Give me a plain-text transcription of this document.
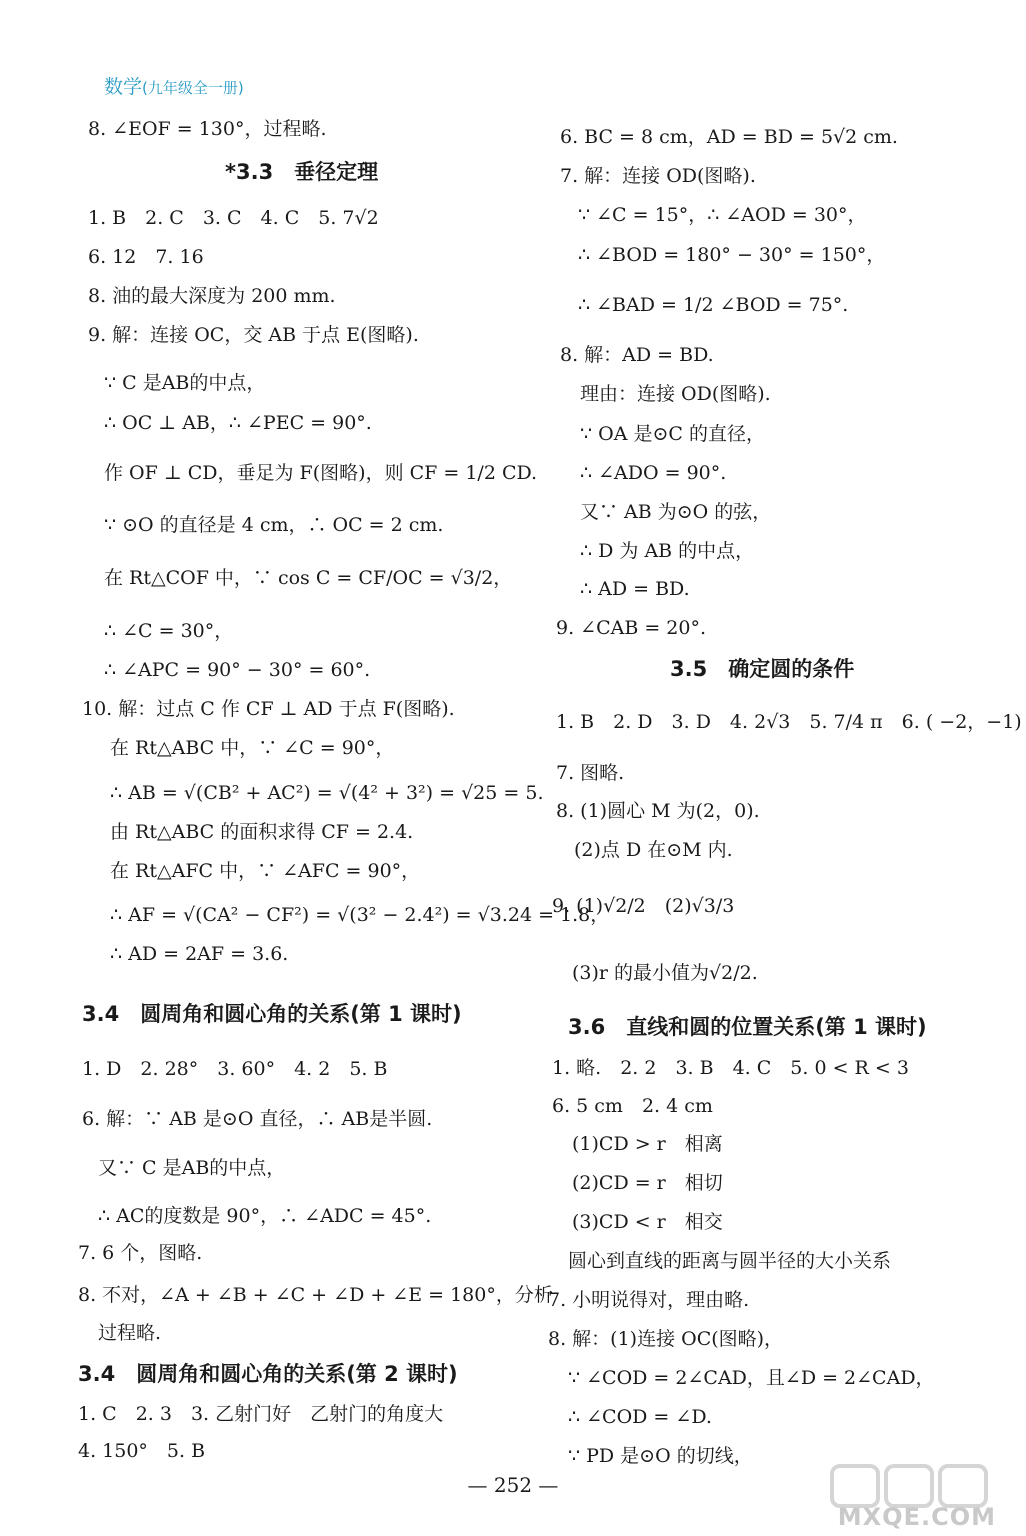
数学(九年级全一册)
8. ∠EOF = 130°，过程略.
*3.3　垂径定理
1. B　2. C　3. C　4. C　5. 7√2
6. 12　7. 16
8. 油的最大深度为 200 mm.
9. 解：连接 OC，交 AB 于点 E(图略).
∵ C 是AB的中点，
∴ OC ⊥ AB，∴ ∠PEC = 90°.
作 OF ⊥ CD，垂足为 F(图略)，则 CF = 1/2 CD.
∵ ⊙O 的直径是 4 cm，∴ OC = 2 cm.
在 Rt△COF 中，∵ cos C = CF/OC = √3/2，
∴ ∠C = 30°，
∴ ∠APC = 90° − 30° = 60°.
10. 解：过点 C 作 CF ⊥ AD 于点 F(图略).
在 Rt△ABC 中，∵ ∠C = 90°，
∴ AB = √(CB² + AC²) = √(4² + 3²) = √25 = 5.
由 Rt△ABC 的面积求得 CF = 2.4.
在 Rt△AFC 中，∵ ∠AFC = 90°，
∴ AF = √(CA² − CF²) = √(3² − 2.4²) = √3.24 = 1.8，
∴ AD = 2AF = 3.6.
3.4　圆周角和圆心角的关系(第 1 课时)
1. D　2. 28°　3. 60°　4. 2　5. B
6. 解：∵ AB 是⊙O 直径，∴ AB是半圆.
又∵ C 是AB的中点，
∴ AC的度数是 90°，∴ ∠ADC = 45°.
7. 6 个，图略.
8. 不对，∠A + ∠B + ∠C + ∠D + ∠E = 180°，分析
过程略.
3.4　圆周角和圆心角的关系(第 2 课时)
1. C　2. 3　3. 乙射门好　乙射门的角度大
4. 150°　5. B
6. BC = 8 cm，AD = BD = 5√2 cm.
7. 解：连接 OD(图略).
∵ ∠C = 15°，∴ ∠AOD = 30°，
∴ ∠BOD = 180° − 30° = 150°，
∴ ∠BAD = 1/2 ∠BOD = 75°.
8. 解：AD = BD.
理由：连接 OD(图略).
∵ OA 是⊙C 的直径，
∴ ∠ADO = 90°.
又∵ AB 为⊙O 的弦，
∴ D 为 AB 的中点，
∴ AD = BD.
9. ∠CAB = 20°.
3.5　确定圆的条件
1. B　2. D　3. D　4. 2√3　5. 7/4 π　6. ( −2，−1)
7. 图略.
8. (1)圆心 M 为(2，0).
(2)点 D 在⊙M 内.
9. (1)√2/2　(2)√3/3
(3)r 的最小值为√2/2.
3.6　直线和圆的位置关系(第 1 课时)
1. 略.　2. 2　3. B　4. C　5. 0 < R < 3
6. 5 cm　2. 4 cm
(1)CD > r　相离
(2)CD = r　相切
(3)CD < r　相交
圆心到直线的距离与圆半径的大小关系
7. 小明说得对，理由略.
8. 解：(1)连接 OC(图略)，
∵ ∠COD = 2∠CAD，且∠D = 2∠CAD，
∴ ∠COD = ∠D.
∵ PD 是⊙O 的切线，
— 252 —
MXQE.COM
